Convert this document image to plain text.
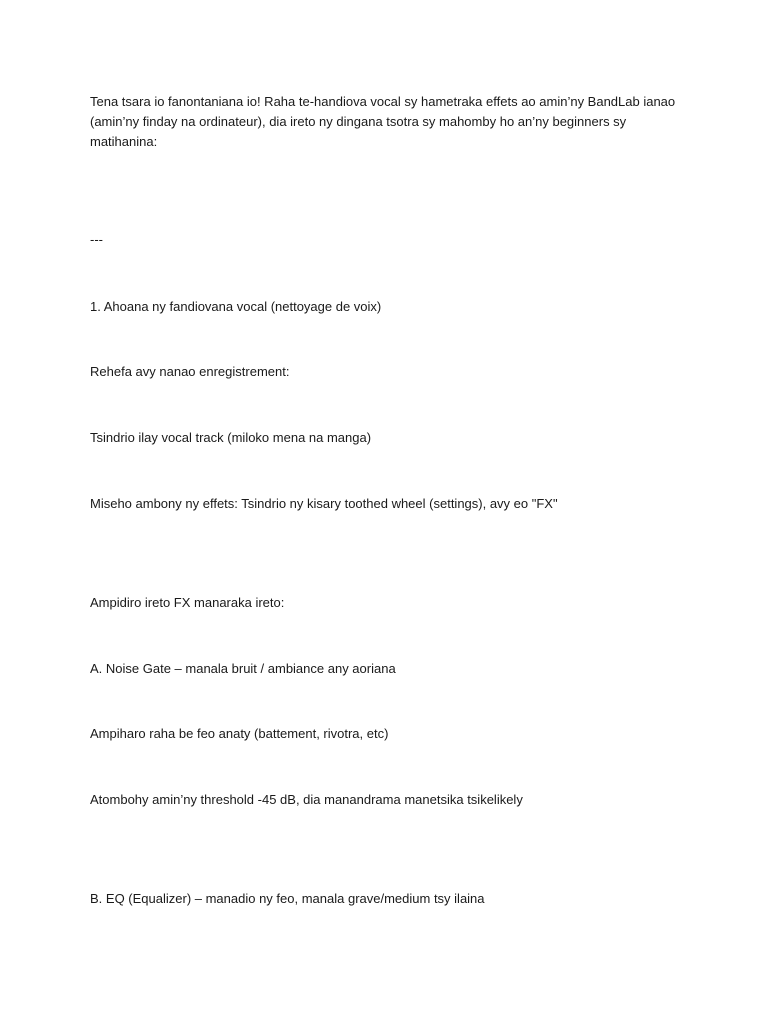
Tena tsara io fanontaniana io! Raha te-handiova vocal sy hametraka effets ao amin’ny BandLab ianao
(amin’ny finday na ordinateur), dia ireto ny dingana tsotra sy mahomby ho an’ny beginners sy
matihanina:

---

1. Ahoana ny fandiovana vocal (nettoyage de voix)

Rehefa avy nanao enregistrement:

Tsindrio ilay vocal track (miloko mena na manga)

Miseho ambony ny effets: Tsindrio ny kisary toothed wheel (settings), avy eo "FX"

Ampidiro ireto FX manaraka ireto:

A. Noise Gate – manala bruit / ambiance any aoriana

Ampiharo raha be feo anaty (battement, rivotra, etc)

Atombohy amin’ny threshold -45 dB, dia manandrama manetsika tsikelikely

B. EQ (Equalizer) – manadio ny feo, manala grave/medium tsy ilaina
